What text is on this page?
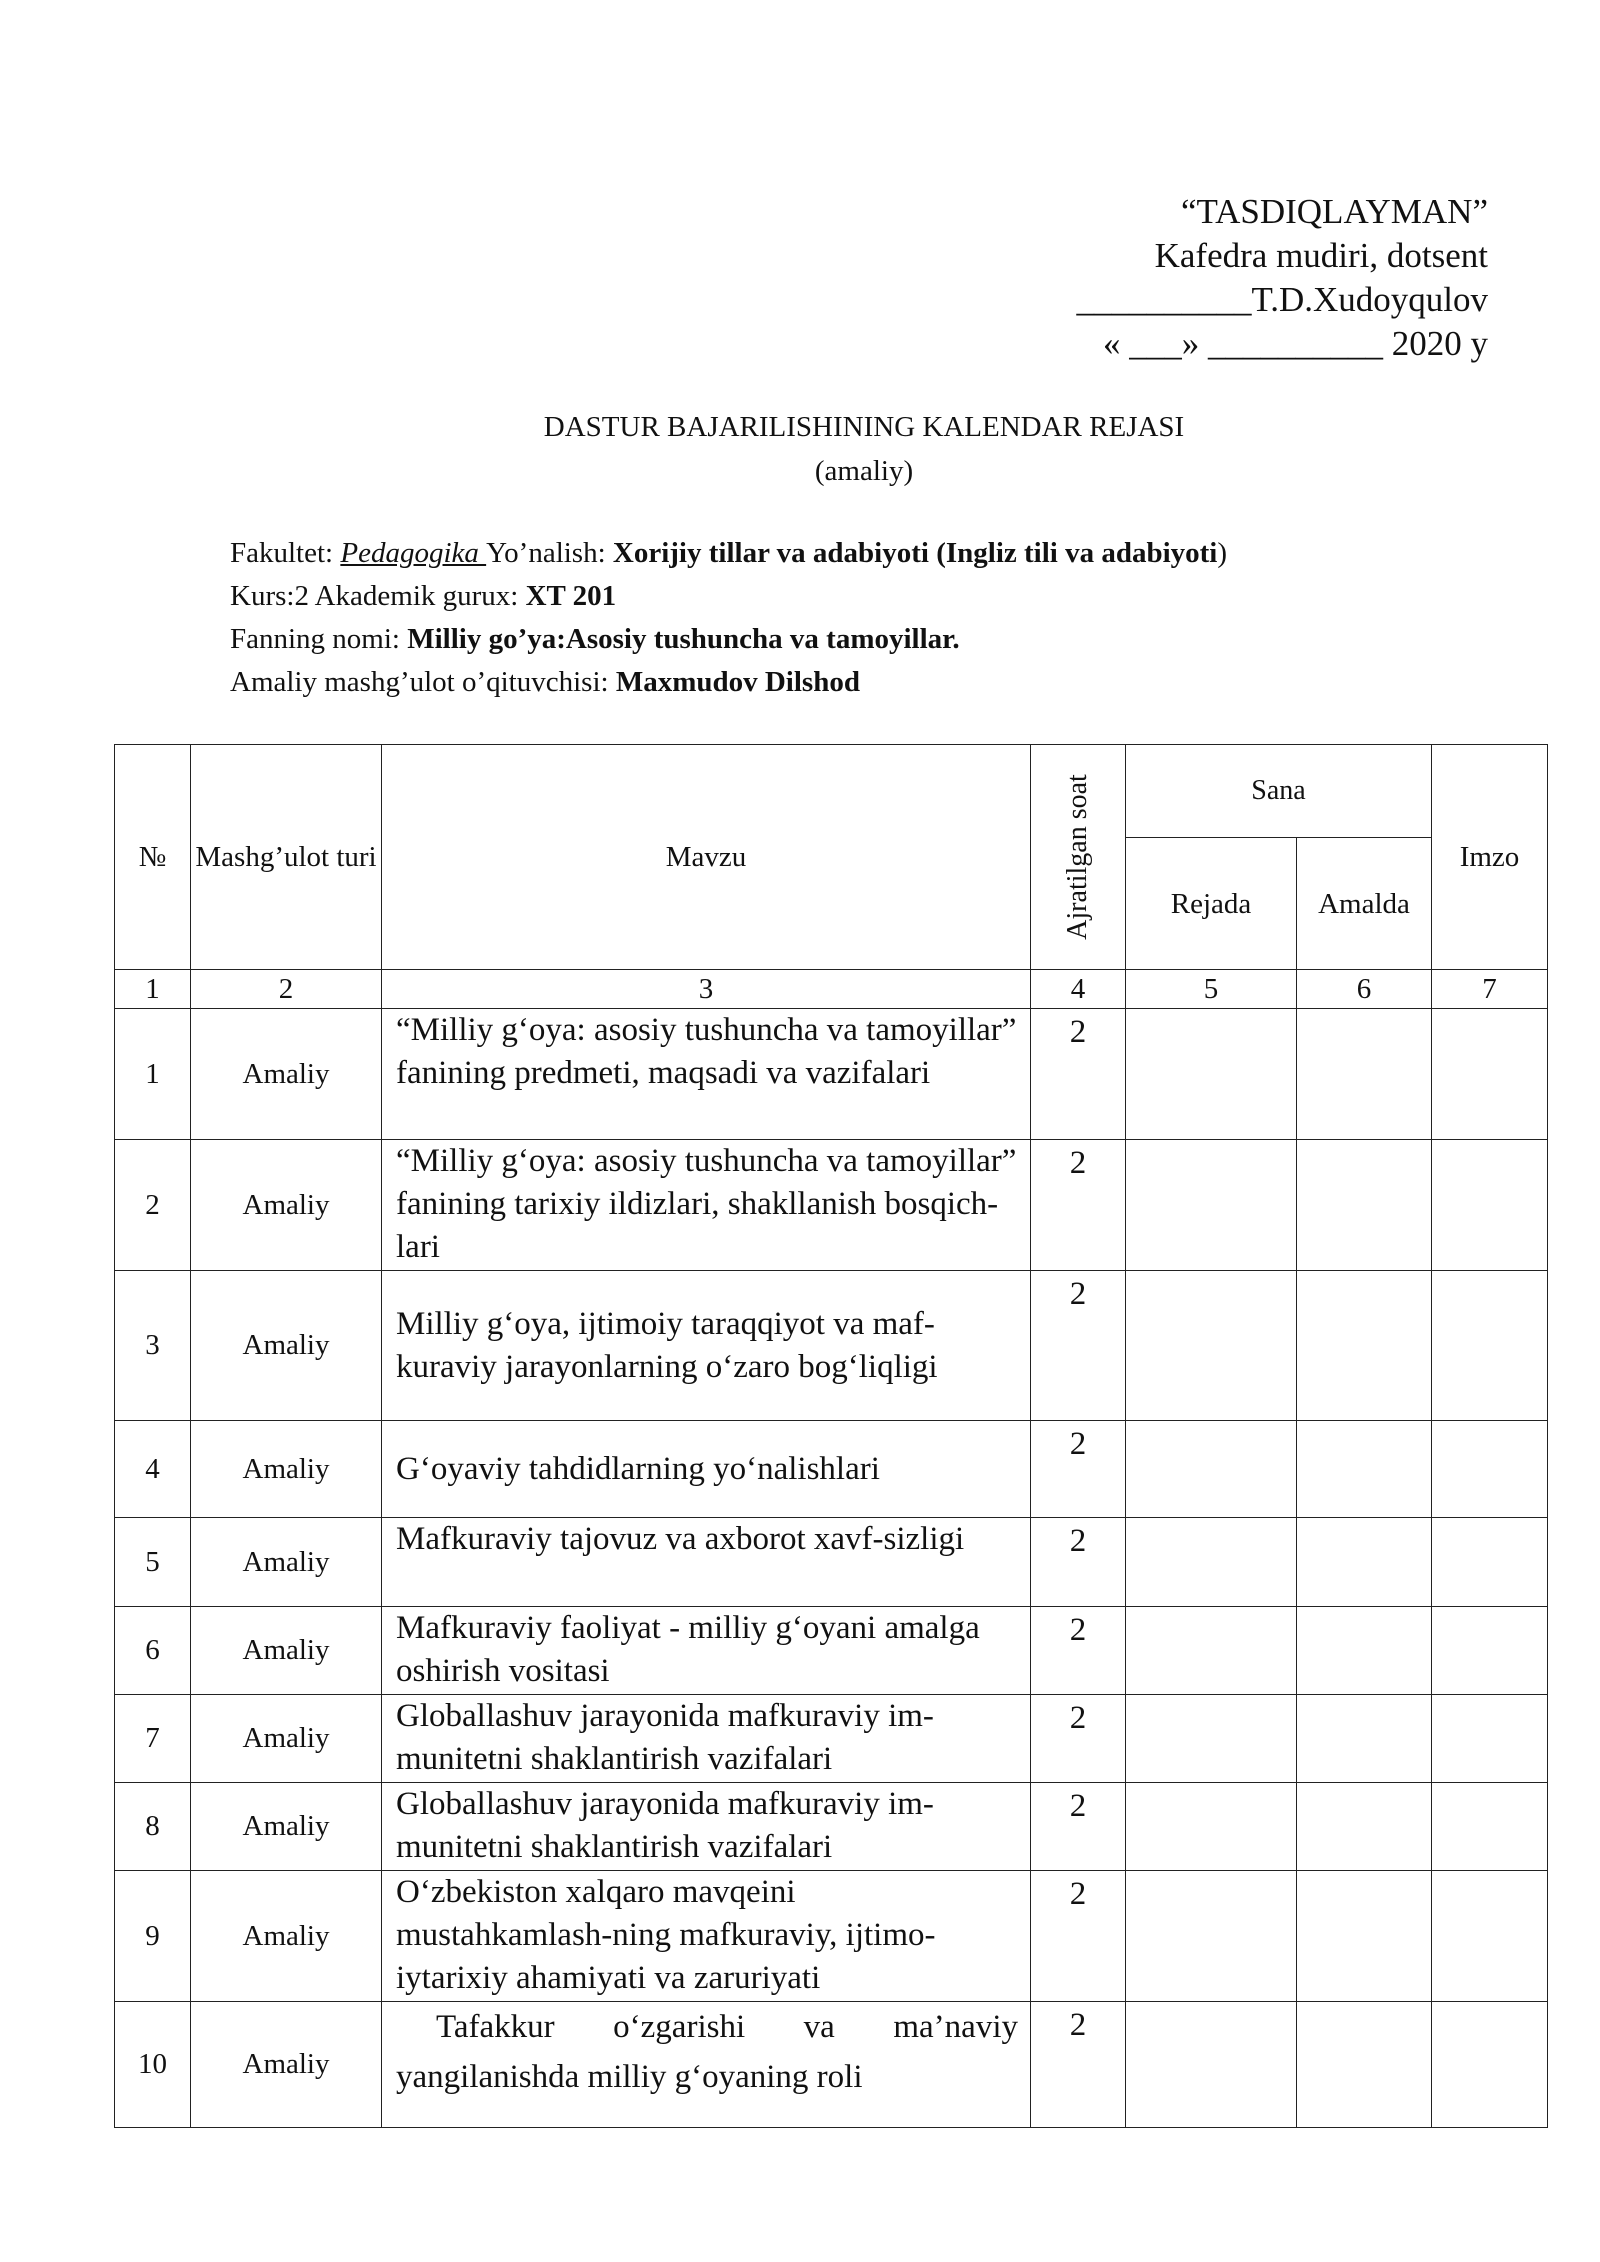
“TASDIQLAYMAN”
Kafedra mudiri, dotsent
__________T.D.Xudoyqulov
« ___» __________ 2020 y
DASTUR BAJARILISHINING KALENDAR REJASI
(amaliy)
Fakultet: Pedagogika Yo’nalish: Xorijiy tillar va adabiyoti (Ingliz tili va adabiyoti)
Kurs:2 Akademik gurux: XT 201
Fanning nomi: Milliy go’ya:Asosiy tushuncha va tamoyillar.
Amaliy mashg’ulot o’qituvchisi: Maxmudov Dilshod
№	Mashg’ulot turi	Mavzu	Ajratilgan soat	Sana		Imzo
				Rejada	Amalda	
1	2	3	4	5	6	7
1	Amaliy	“Milliy g‘oya: asosiy tushuncha va tamoyillar” fanining predmeti, maqsadi va vazifalari	2			
2	Amaliy	“Milliy g‘oya: asosiy tushuncha va tamoyillar” fanining tarixiy ildizlari, shakllanish bosqich-lari	2			
3	Amaliy	Milliy g‘oya, ijtimoiy taraqqiyot va maf-kuraviy jarayonlarning o‘zaro bog‘liqligi	2			
4	Amaliy	G‘oyaviy tahdidlarning yo‘nalishlari	2			
5	Amaliy	Mafkuraviy tajovuz va axborot xavf-sizligi	2			
6	Amaliy	Mafkuraviy faoliyat - milliy g‘oyani amalga oshirish vositasi	2			
7	Amaliy	Globallashuv jarayonida mafkuraviy im-munitetni shaklantirish vazifalari	2			
8	Amaliy	Globallashuv jarayonida mafkuraviy im-munitetni shaklantirish vazifalari	2			
9	Amaliy	O‘zbekiston xalqaro mavqeini mustahkamlash-ning mafkuraviy, ijtimo-iytarixiy ahamiyati va zaruriyati	2			
10	Amaliy	Tafakkur o‘zgarishi va ma’naviy yangilanishda milliy g‘oyaning roli	2			
